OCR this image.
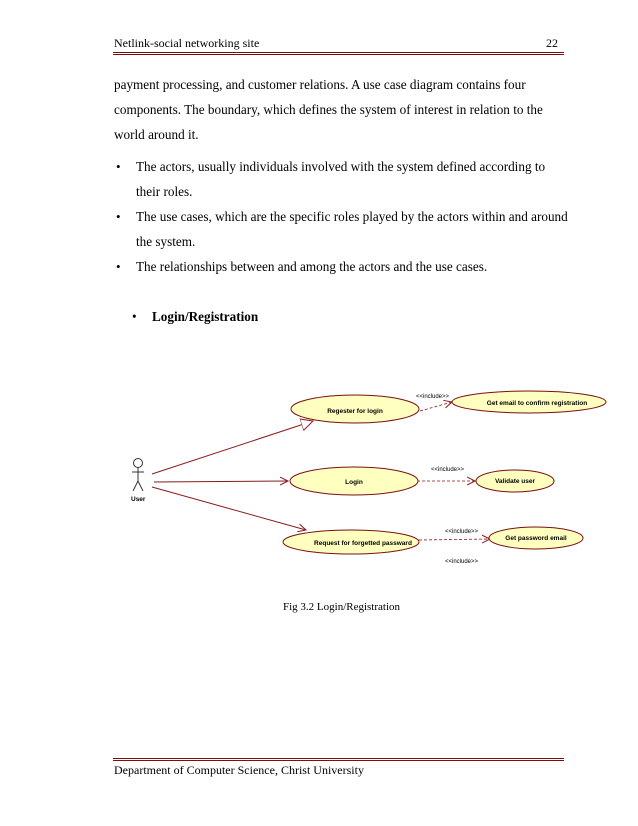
Netlink-social networking site	22
payment processing, and customer relations. A use case diagram contains four components. The boundary, which defines the system of interest in relation to the world around it.
• The actors, usually individuals involved with the system defined according to their roles.
• The use cases, which are the specific roles played by the actors within and around the system.
• The relationships between and among the actors and the use cases.
• Login/Registration
User
Regester for login
Get email to confirm registration
Login	Validate user
Request for forgetted passward
Get password email
<<include>>
<<include>>
<<include>>
<<include>>
Fig 3.2 Login/Registration
Department of Computer Science, Christ University
